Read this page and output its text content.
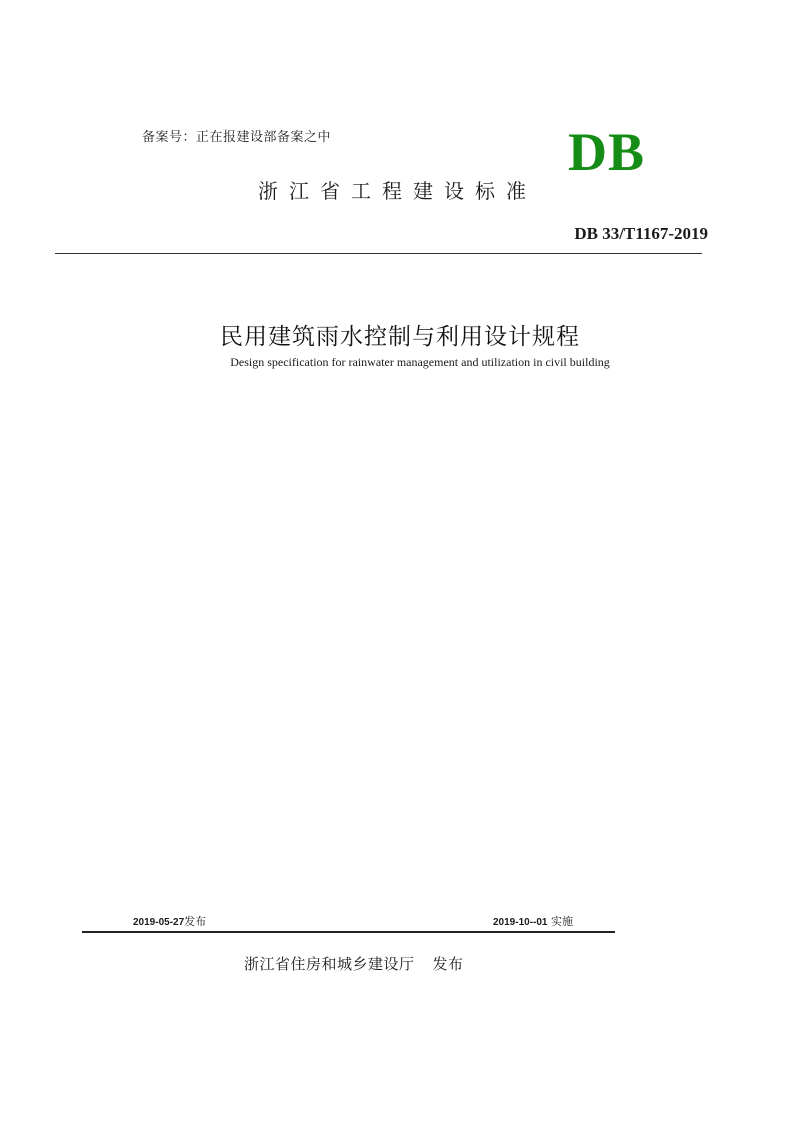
备案号：正在报建设部备案之中	DB
浙江省工程建设标准
DB 33/T1167-2019
民用建筑雨水控制与利用设计规程
Design specification for rainwater management and utilization in civil building
2019-05-27发布	2019-10--01 实施
浙江省住房和城乡建设厅 发布
